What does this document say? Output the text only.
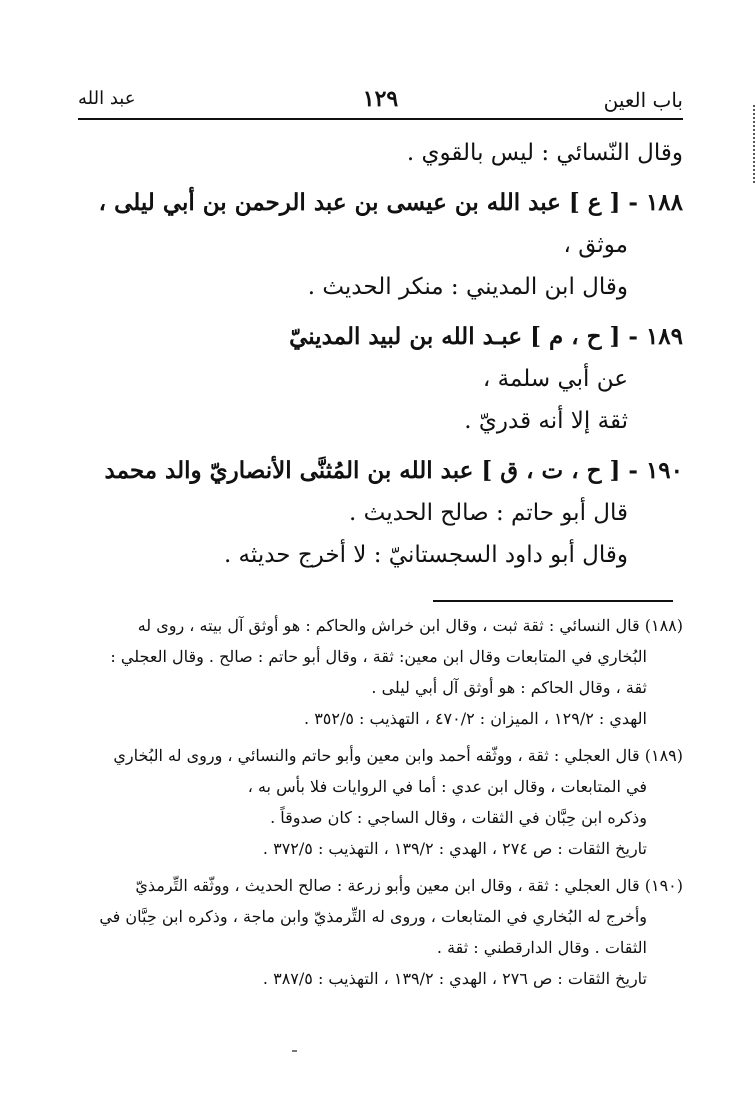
باب العين
١٢٩
عبد الله
وقال النّسائي : ليس بالقوي .
١٨٨ - [ ع ] عبد الله بن عيسى بن عبد الرحمن بن أبي ليلى ،
موثق ،
وقال ابن المديني : منكر الحديث .
١٨٩ - [ ح ، م ] عبـد الله بن لبيد المدينيّ
عن أبي سلمة ،
ثقة إلا أنه قدريّ .
١٩٠ - [ ح ، ت ، ق ] عبد الله بن المُثنَّى الأنصاريّ والد محمد
قال أبو حاتم : صالح الحديث .
وقال أبو داود السجستانيّ : لا أخرج حديثه .
(١٨٨) قال النسائي : ثقة ثبت ، وقال ابن خراش والحاكم : هو أوثق آل بيته ، روى له
البُخاري في المتابعات وقال ابن معين: ثقة ، وقال أبو حاتم : صالح . وقال العجلي :
ثقة ، وقال الحاكم : هو أوثق آل أبي ليلى .
الهدي : ١٢٩/٢ ، الميزان : ٤٧٠/٢ ، التهذيب : ٣٥٢/٥ .
(١٨٩) قال العجلي : ثقة ، ووثّقه أحمد وابن معين وأبو حاتم والنسائي ، وروى له البُخاري
في المتابعات ، وقال ابن عدي : أما في الروايات فلا بأس به ،
وذكره ابن حِبَّان في الثقات ، وقال الساجي : كان صدوقاً .
تاريخ الثقات : ص ٢٧٤ ، الهدي : ١٣٩/٢ ، التهذيب : ٣٧٢/٥ .
(١٩٠) قال العجلي : ثقة ، وقال ابن معين وأبو زرعة : صالح الحديث ، ووثّقه التِّرمذيّ
وأخرج له البُخاري في المتابعات ، وروى له التِّرمذيّ وابن ماجة ، وذكره ابن حِبَّان في
الثقات . وقال الدارقطني : ثقة .
تاريخ الثقات : ص ٢٧٦ ، الهدي : ١٣٩/٢ ، التهذيب : ٣٨٧/٥ .
